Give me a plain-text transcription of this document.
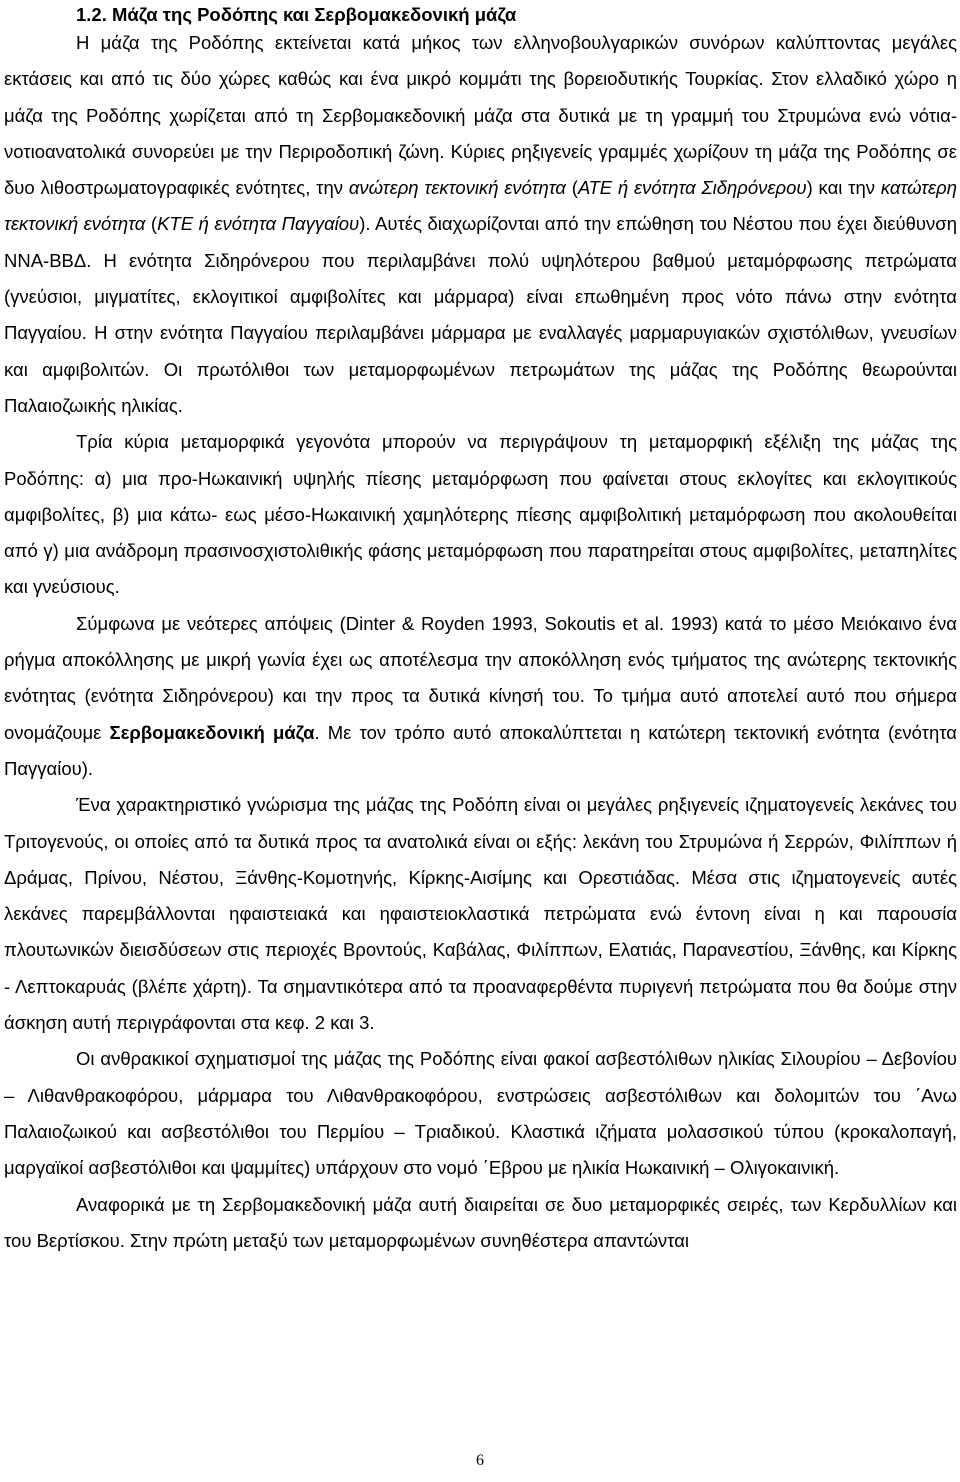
1.2. Μάζα της Ροδόπης και Σερβομακεδονική μάζα

Η μάζα της Ροδόπης εκτείνεται κατά μήκος των ελληνοβουλγαρικών συνόρων καλύπτοντας μεγάλες εκτάσεις και από τις δύο χώρες καθώς και ένα μικρό κομμάτι της βορειοδυτικής Τουρκίας. Στον ελλαδικό χώρο η μάζα της Ροδόπης χωρίζεται από τη Σερβομακεδονική μάζα στα δυτικά με τη γραμμή του Στρυμώνα ενώ νότια-νοτιοανατολικά συνορεύει με την Περιροδοπική ζώνη. Κύριες ρηξιγενείς γραμμές χωρίζουν τη μάζα της Ροδόπης σε δυο λιθοστρωματογραφικές ενότητες, την ανώτερη τεκτονική ενότητα (ΑΤΕ ή ενότητα Σιδηρόνερου) και την κατώτερη τεκτονική ενότητα (ΚΤΕ ή ενότητα Παγγαίου). Αυτές διαχωρίζονται από την επώθηση του Νέστου που έχει διεύθυνση ΝΝΑ-ΒΒΔ. Η ενότητα Σιδηρόνερου που περιλαμβάνει πολύ υψηλότερου βαθμού μεταμόρφωσης πετρώματα (γνεύσιοι, μιγματίτες, εκλογιτικοί αμφιβολίτες και μάρμαρα) είναι επωθημένη προς νότο πάνω στην ενότητα Παγγαίου. Η στην ενότητα Παγγαίου περιλαμβάνει μάρμαρα με εναλλαγές μαρμαρυγιακών σχιστόλιθων, γνευσίων και αμφιβολιτών. Οι πρωτόλιθοι των μεταμορφωμένων πετρωμάτων της μάζας της Ροδόπης θεωρούνται Παλαιοζωικής ηλικίας.

Τρία κύρια μεταμορφικά γεγονότα μπορούν να περιγράψουν τη μεταμορφική εξέλιξη της μάζας της Ροδόπης: α) μια προ-Ηωκαινική υψηλής πίεσης μεταμόρφωση που φαίνεται στους εκλογίτες και εκλογιτικούς αμφιβολίτες, β) μια κάτω- εως μέσο-Ηωκαινική χαμηλότερης πίεσης αμφιβολιτική μεταμόρφωση που ακολουθείται από γ) μια ανάδρομη πρασινοσχιστολιθικής φάσης μεταμόρφωση που παρατηρείται στους αμφιβολίτες, μεταπηλίτες και γνεύσιους.

Σύμφωνα με νεότερες απόψεις (Dinter & Royden 1993, Sokoutis et al. 1993) κατά το μέσο Μειόκαινο ένα ρήγμα αποκόλλησης με μικρή γωνία έχει ως αποτέλεσμα την αποκόλληση ενός τμήματος της ανώτερης τεκτονικής ενότητας (ενότητα Σιδηρόνερου) και την προς τα δυτικά κίνησή του. Το τμήμα αυτό αποτελεί αυτό που σήμερα ονομάζουμε Σερβομακεδονική μάζα. Με τον τρόπο αυτό αποκαλύπτεται η κατώτερη τεκτονική ενότητα (ενότητα Παγγαίου).

Ένα χαρακτηριστικό γνώρισμα της μάζας της Ροδόπη είναι οι μεγάλες ρηξιγενείς ιζηματογενείς λεκάνες του Τριτογενούς, οι οποίες από τα δυτικά προς τα ανατολικά είναι οι εξής: λεκάνη του Στρυμώνα ή Σερρών, Φιλίππων ή Δράμας, Πρίνου, Νέστου, Ξάνθης-Κομοτηνής, Κίρκης-Αισίμης και Ορεστιάδας. Μέσα στις ιζηματογενείς αυτές λεκάνες παρεμβάλλονται ηφαιστειακά και ηφαιστειοκλαστικά πετρώματα ενώ έντονη είναι η και παρουσία πλουτωνικών διεισδύσεων στις περιοχές Βροντούς, Καβάλας, Φιλίππων, Ελατιάς, Παρανεστίου, Ξάνθης, και Κίρκης - Λεπτοκαρυάς (βλέπε χάρτη). Τα σημαντικότερα από τα προαναφερθέντα πυριγενή πετρώματα που θα δούμε στην άσκηση αυτή περιγράφονται στα κεφ. 2 και 3.

Οι ανθρακικοί σχηματισμοί της μάζας της Ροδόπης είναι φακοί ασβεστόλιθων ηλικίας Σιλουρίου – Δεβονίου – Λιθανθρακοφόρου, μάρμαρα του Λιθανθρακοφόρου, ενστρώσεις ασβεστόλιθων και δολομιτών του ΄Ανω Παλαιοζωικού και ασβεστόλιθοι του Περμίου – Τριαδικού. Κλαστικά ιζήματα μολασσικού τύπου (κροκαλοπαγή, μαργαϊκοί ασβεστόλιθοι και ψαμμίτες) υπάρχουν στο νομό ΄Εβρου με ηλικία Ηωκαινική – Ολιγοκαινική.

Αναφορικά με τη Σερβομακεδονική μάζα αυτή διαιρείται σε δυο μεταμορφικές σειρές, των Κερδυλλίων και του Βερτίσκου. Στην πρώτη μεταξύ των μεταμορφωμένων συνηθέστερα απαντώνται

6
